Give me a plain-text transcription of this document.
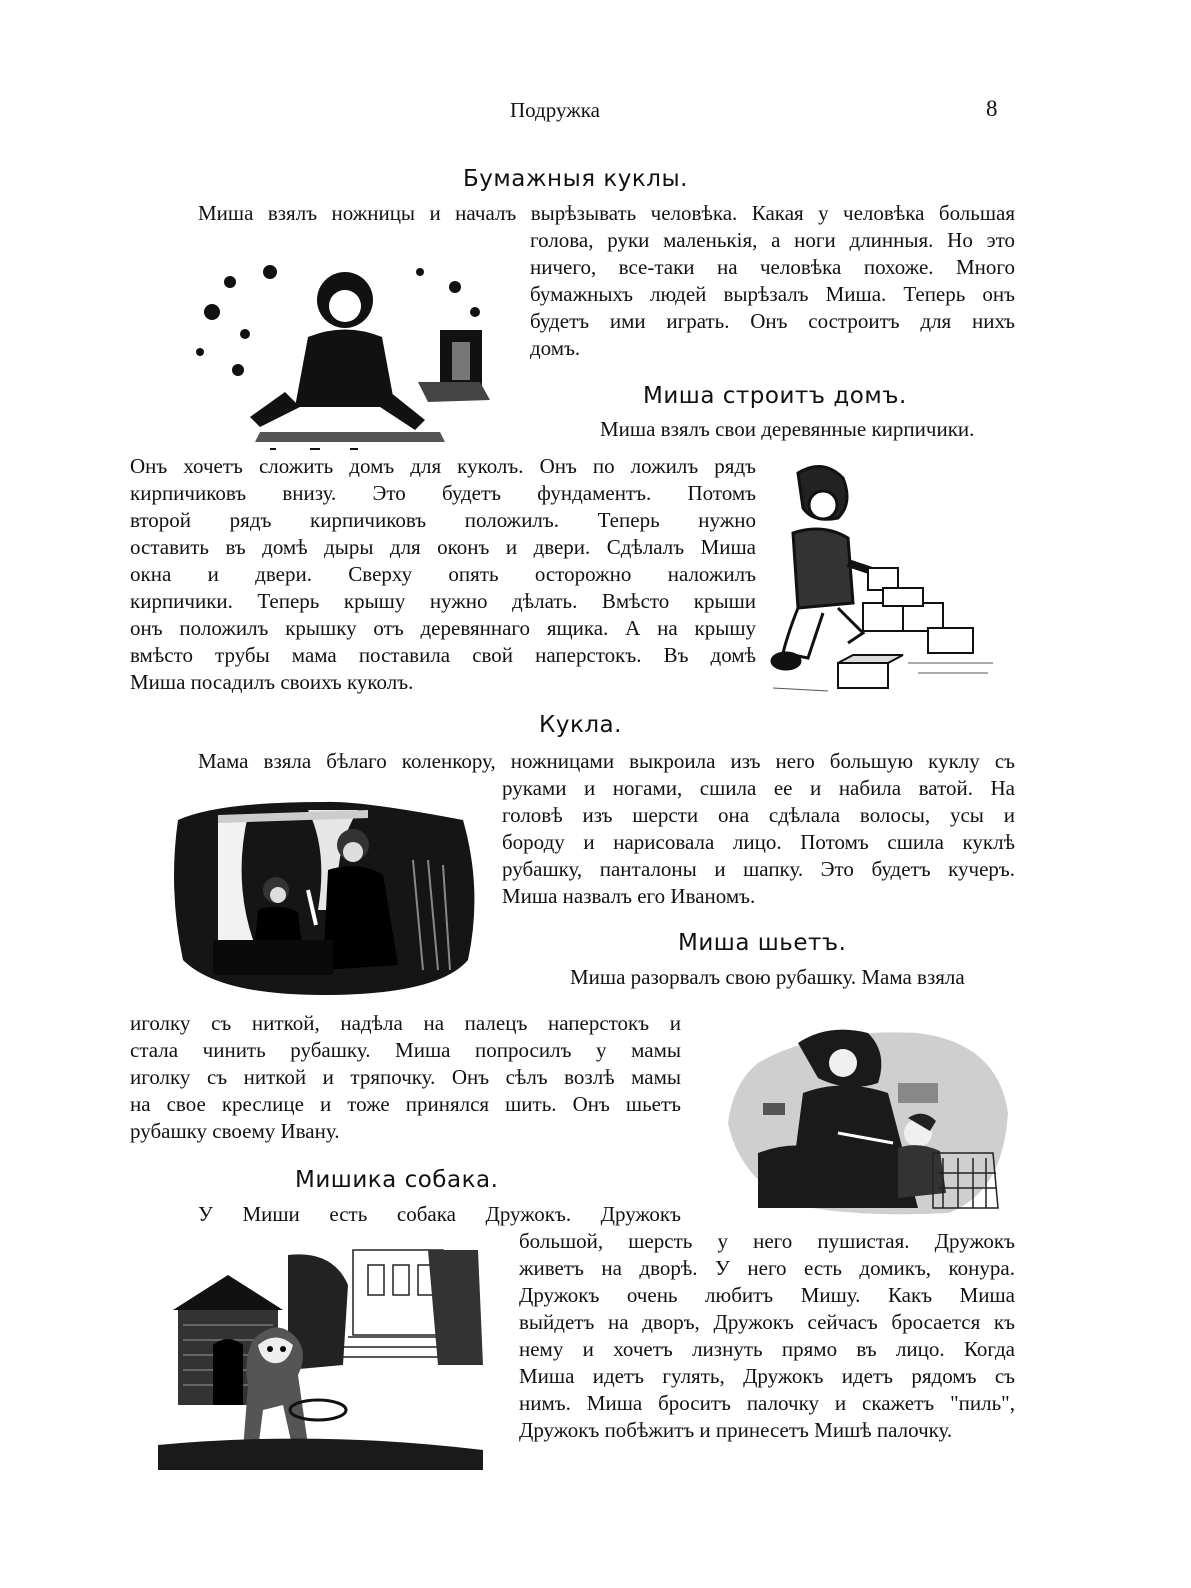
Подружка	8
Бумажныя куклы.
Миша взялъ ножницы и началъ вырѣзывать человѣка. Какая у человѣка большая
голова, руки маленькія, а ноги длинныя. Но это
ничего, все-таки на человѣка похоже. Много
бумажныхъ людей вырѣзалъ Миша. Теперь онъ
будетъ ими играть. Онъ состроитъ для нихъ
домъ.
Миша строитъ домъ.
Миша взялъ свои деревянные кирпичики.
Онъ хочетъ сложить домъ для куколъ. Онъ по ложилъ рядъ
кирпичиковъ внизу. Это будетъ фундаментъ. Потомъ
второй рядъ кирпичиковъ положилъ. Теперь нужно
оставить въ домѣ дыры для оконъ и двери. Сдѣлалъ Миша
окна и двери. Сверху опять осторожно наложилъ
кирпичики. Теперь крышу нужно дѣлать. Вмѣсто крыши
онъ положилъ крышку отъ деревяннаго ящика. А на крышу
вмѣсто трубы мама поставила свой наперстокъ. Въ домѣ
Миша посадилъ своихъ куколъ.
Кукла.
Мама взяла бѣлаго коленкору, ножницами выкроила изъ него большую куклу съ
руками и ногами, сшила ее и набила ватой. На
головѣ изъ шерсти она сдѣлала волосы, усы и
бороду и нарисовала лицо. Потомъ сшила куклѣ
рубашку, панталоны и шапку. Это будетъ кучеръ.
Миша назвалъ его Иваномъ.
Миша шьетъ.
Миша разорвалъ свою рубашку. Мама взяла
иголку съ ниткой, надѣла на палецъ наперстокъ и
стала чинить рубашку. Миша попросилъ у мамы
иголку съ ниткой и тряпочку. Онъ сѣлъ возлѣ мамы
на свое креслице и тоже принялся шить. Онъ шьетъ
рубашку своему Ивану.
Мишика собака.
У Миши есть собака Дружокъ. Дружокъ
большой, шерсть у него пушистая. Дружокъ
живетъ на дворѣ. У него есть домикъ, конура.
Дружокъ очень любитъ Мишу. Какъ Миша
выйдетъ на дворъ, Дружокъ сейчасъ бросается къ
нему и хочетъ лизнуть прямо въ лицо. Когда
Миша идетъ гулять, Дружокъ идетъ рядомъ съ
нимъ. Миша броситъ палочку и скажетъ "пиль",
Дружокъ побѣжитъ и принесетъ Мишѣ палочку.
